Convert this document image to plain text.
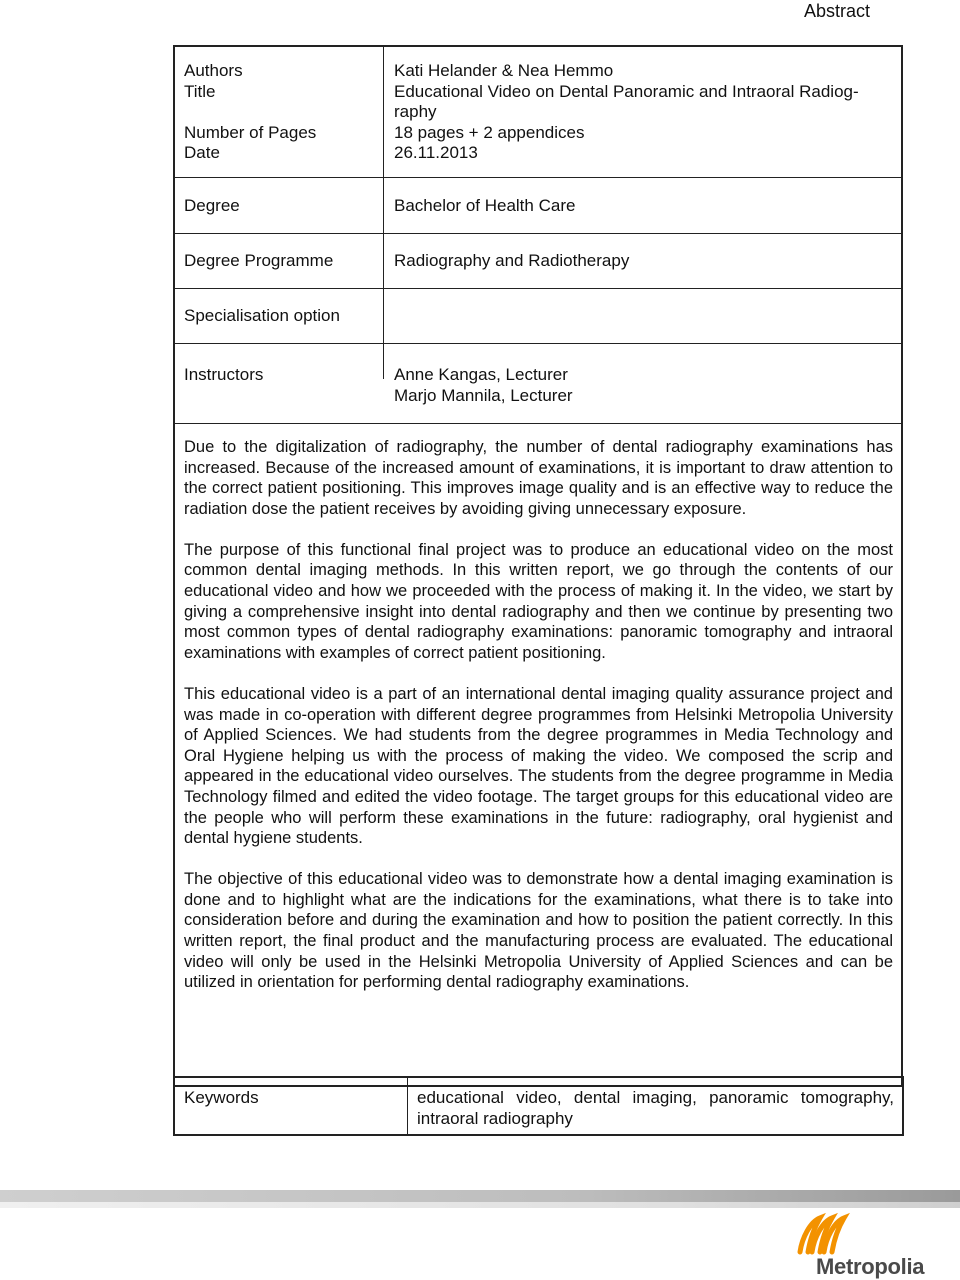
Abstract
Authors	Kati Helander & Nea Hemmo
Title	Educational Video on Dental Panoramic and Intraoral Radiog-
raphy
Number of Pages	18 pages + 2 appendices
Date	26.11.2013
Degree	Bachelor of Health Care
Degree Programme	Radiography and Radiotherapy
Specialisation option
Instructors	Anne Kangas, Lecturer
Marjo Mannila, Lecturer

Due to the digitalization of radiography, the number of dental radiography examinations has increased. Because of the increased amount of examinations, it is important to draw attention to the correct patient positioning. This improves image quality and is an effective way to reduce the radiation dose the patient receives by avoiding giving unnecessary exposure.

The purpose of this functional final project was to produce an educational video on the most common dental imaging methods. In this written report, we go through the contents of our educational video and how we proceeded with the process of making it. In the video, we start by giving a comprehensive insight into dental radiography and then we continue by presenting two most common types of dental radiography examinations: panoramic tomography and intraoral examinations with examples of correct patient positioning.

This educational video is a part of an international dental imaging quality assurance project and was made in co-operation with different degree programmes from Helsinki Metropolia University of Applied Sciences. We had students from the degree programmes in Media Technology and Oral Hygiene helping us with the process of making the video. We composed the scrip and appeared in the educational video ourselves. The students from the degree programme in Media Technology filmed and edited the video footage. The target groups for this educational video are the people who will perform these examinations in the future: radiography, oral hygienist and dental hygiene students.

The objective of this educational video was to demonstrate how a dental imaging examination is done and to highlight what are the indications for the examinations, what there is to take into consideration before and during the examination and how to position the patient correctly. In this written report, the final product and the manufacturing process are evaluated. The educational video will only be used in the Helsinki Metropolia University of Applied Sciences and can be utilized in orientation for performing dental radiography examinations.

Keywords	educational video, dental imaging, panoramic tomography, intraoral radiography
Metropolia
